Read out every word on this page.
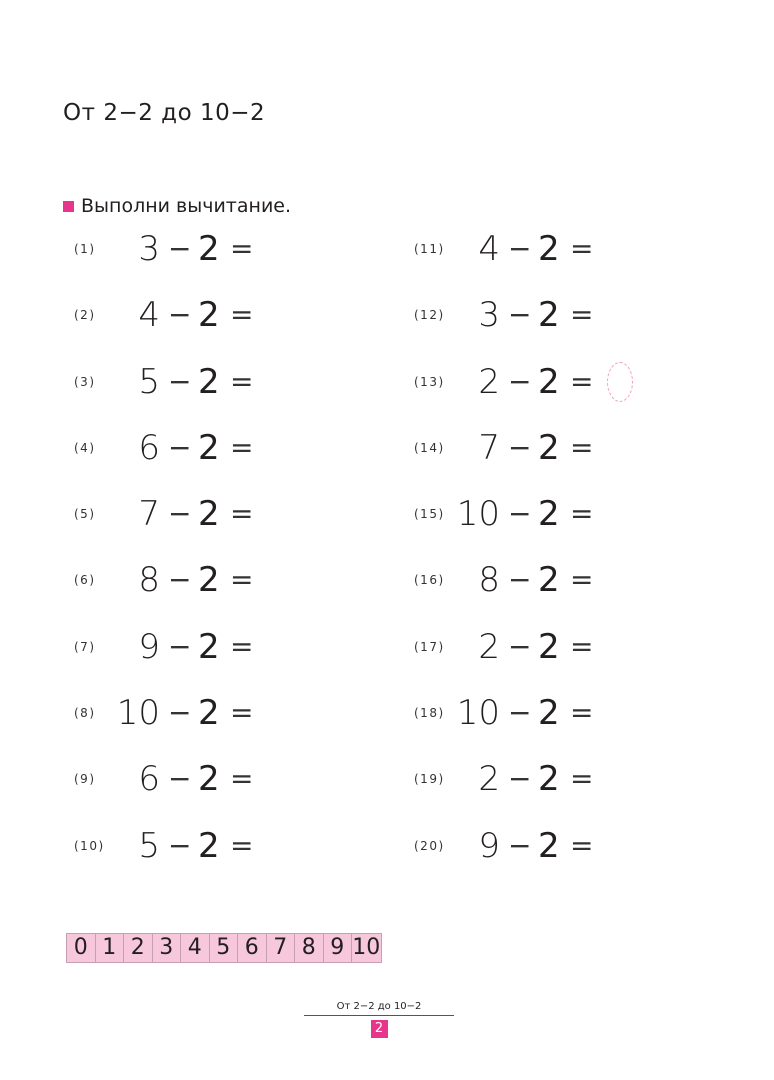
От 2−2 до 10−2
Выполни вычитание.
(1) 3 − 2 =
(2) 4 − 2 =
(3) 5 − 2 =
(4) 6 − 2 =
(5) 7 − 2 =
(6) 8 − 2 =
(7) 9 − 2 =
(8) 10 − 2 =
(9) 6 − 2 =
(10) 5 − 2 =
(11) 4 − 2 =
(12) 3 − 2 =
(13) 2 − 2 =
(14) 7 − 2 =
(15) 10 − 2 =
(16) 8 − 2 =
(17) 2 − 2 =
(18) 10 − 2 =
(19) 2 − 2 =
(20) 9 − 2 =
0 1 2 3 4 5 6 7 8 9 10
От 2−2 до 10−2
2
